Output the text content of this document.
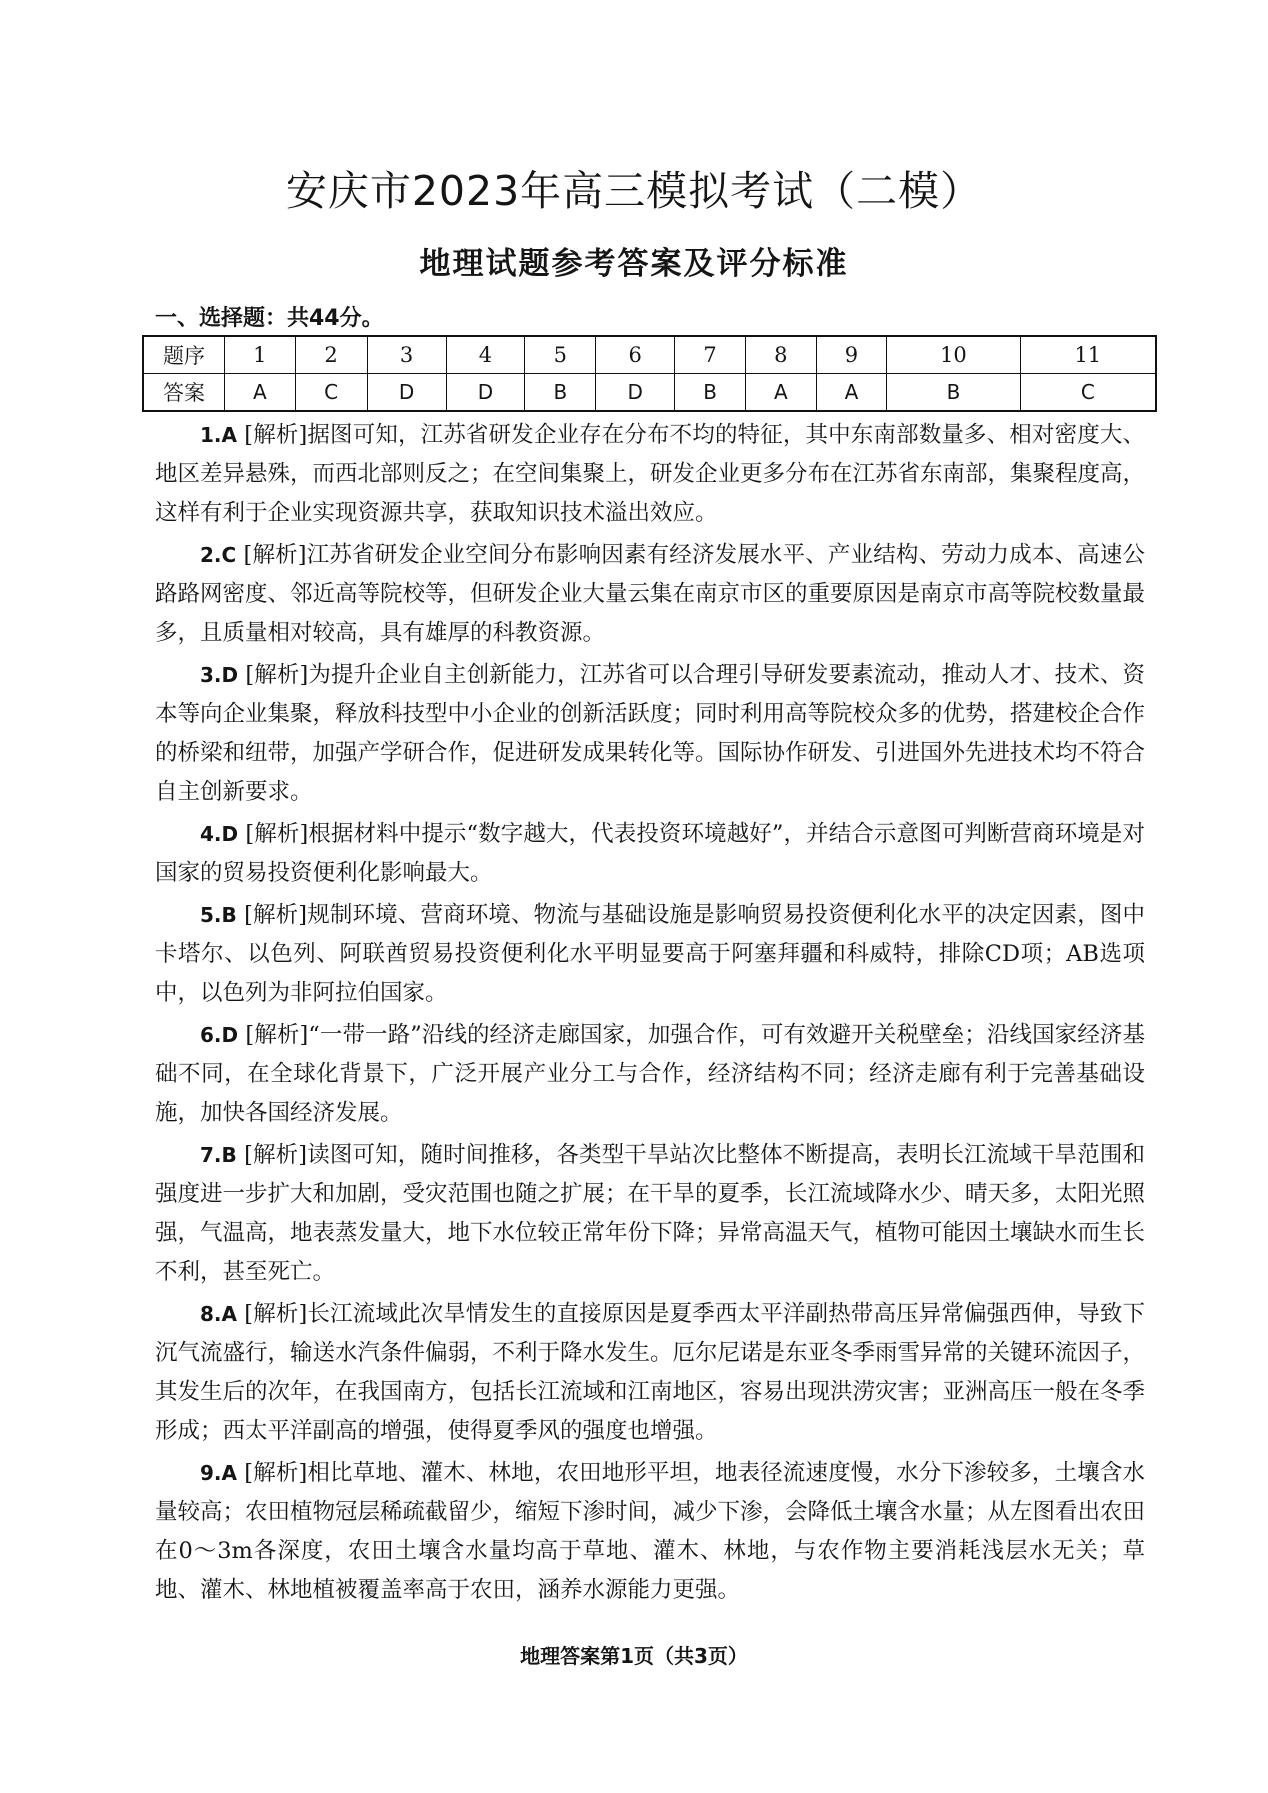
安庆市2023年高三模拟考试（二模）
地理试题参考答案及评分标准
一、选择题：共44分。
题序	1	2	3	4	5	6	7	8	9	10	11
答案	A	C	D	D	B	D	B	A	A	B	C

1.A [解析]据图可知，江苏省研发企业存在分布不均的特征，其中东南部数量多、相对密度大、地区差异悬殊，而西北部则反之；在空间集聚上，研发企业更多分布在江苏省东南部，集聚程度高，这样有利于企业实现资源共享，获取知识技术溢出效应。

2.C [解析]江苏省研发企业空间分布影响因素有经济发展水平、产业结构、劳动力成本、高速公路路网密度、邻近高等院校等，但研发企业大量云集在南京市区的重要原因是南京市高等院校数量最多，且质量相对较高，具有雄厚的科教资源。

3.D [解析]为提升企业自主创新能力，江苏省可以合理引导研发要素流动，推动人才、技术、资本等向企业集聚，释放科技型中小企业的创新活跃度；同时利用高等院校众多的优势，搭建校企合作的桥梁和纽带，加强产学研合作，促进研发成果转化等。国际协作研发、引进国外先进技术均不符合自主创新要求。

4.D [解析]根据材料中提示“数字越大，代表投资环境越好”，并结合示意图可判断营商环境是对国家的贸易投资便利化影响最大。

5.B [解析]规制环境、营商环境、物流与基础设施是影响贸易投资便利化水平的决定因素，图中卡塔尔、以色列、阿联酋贸易投资便利化水平明显要高于阿塞拜疆和科威特，排除CD项；AB选项中，以色列为非阿拉伯国家。

6.D [解析]“一带一路”沿线的经济走廊国家，加强合作，可有效避开关税壁垒；沿线国家经济基础不同，在全球化背景下，广泛开展产业分工与合作，经济结构不同；经济走廊有利于完善基础设施，加快各国经济发展。

7.B [解析]读图可知，随时间推移，各类型干旱站次比整体不断提高，表明长江流域干旱范围和强度进一步扩大和加剧，受灾范围也随之扩展；在干旱的夏季，长江流域降水少、晴天多，太阳光照强，气温高，地表蒸发量大，地下水位较正常年份下降；异常高温天气，植物可能因土壤缺水而生长不利，甚至死亡。

8.A [解析]长江流域此次旱情发生的直接原因是夏季西太平洋副热带高压异常偏强西伸，导致下沉气流盛行，输送水汽条件偏弱，不利于降水发生。厄尔尼诺是东亚冬季雨雪异常的关键环流因子，其发生后的次年，在我国南方，包括长江流域和江南地区，容易出现洪涝灾害；亚洲高压一般在冬季形成；西太平洋副高的增强，使得夏季风的强度也增强。

9.A [解析]相比草地、灌木、林地，农田地形平坦，地表径流速度慢，水分下渗较多，土壤含水量较高；农田植物冠层稀疏截留少，缩短下渗时间，减少下渗，会降低土壤含水量；从左图看出农田在0～3m各深度，农田土壤含水量均高于草地、灌木、林地，与农作物主要消耗浅层水无关；草地、灌木、林地植被覆盖率高于农田，涵养水源能力更强。

地理答案第1页（共3页）
